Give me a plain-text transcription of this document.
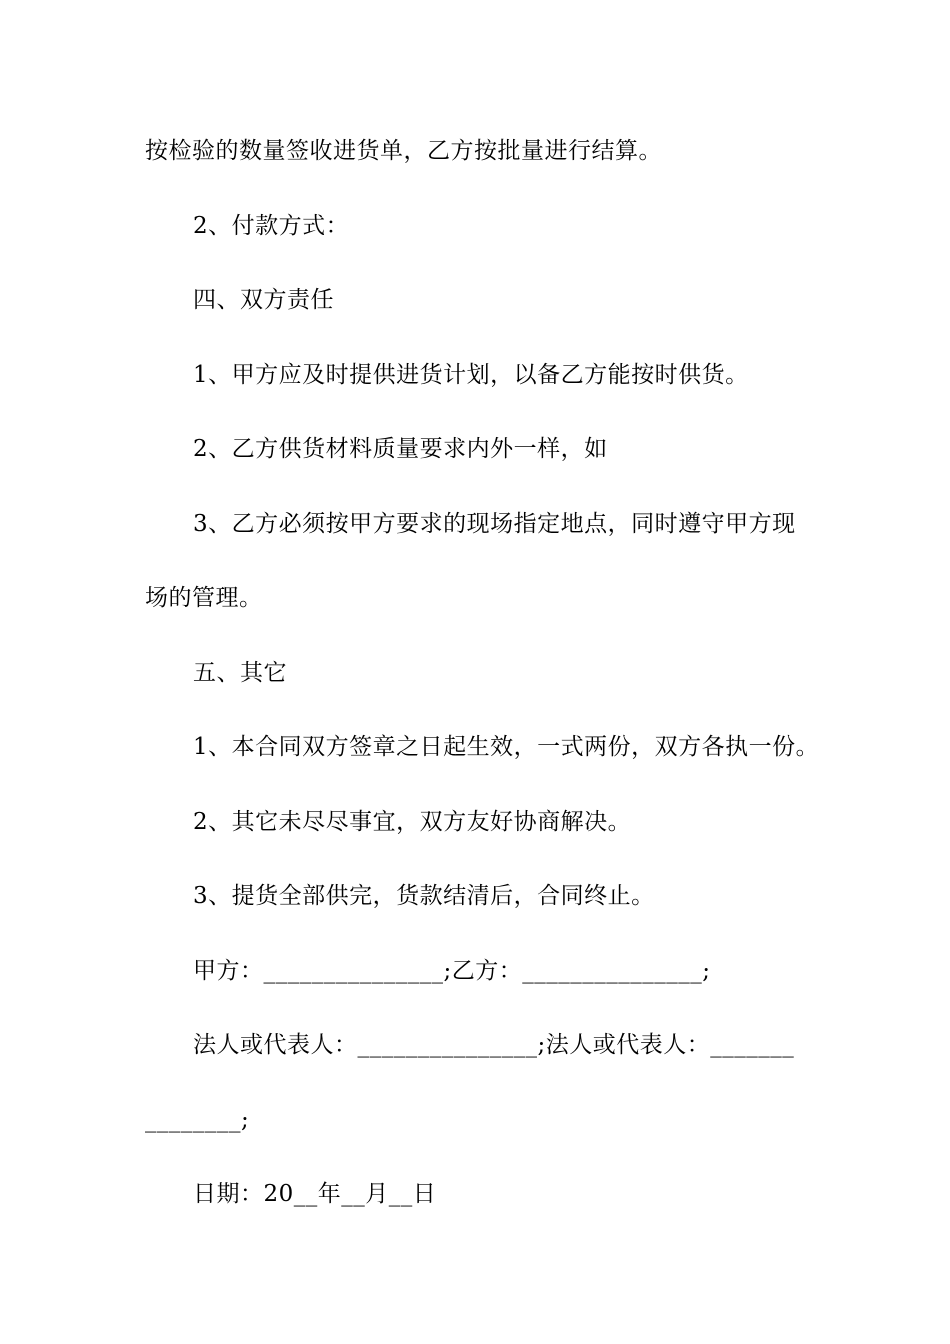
按检验的数量签收进货单，乙方按批量进行结算。
2、付款方式：
四、双方责任
1、甲方应及时提供进货计划，以备乙方能按时供货。
2、乙方供货材料质量要求内外一样，如
3、乙方必须按甲方要求的现场指定地点，同时遵守甲方现
场的管理。
五、其它
1、本合同双方签章之日起生效，一式两份，双方各执一份。
2、其它未尽尽事宜，双方友好协商解决。
3、提货全部供完，货款结清后，合同终止。
甲方：_______________;乙方：_______________;
法人或代表人：_______________;法人或代表人：_______
________;
日期：20__年__月__日
